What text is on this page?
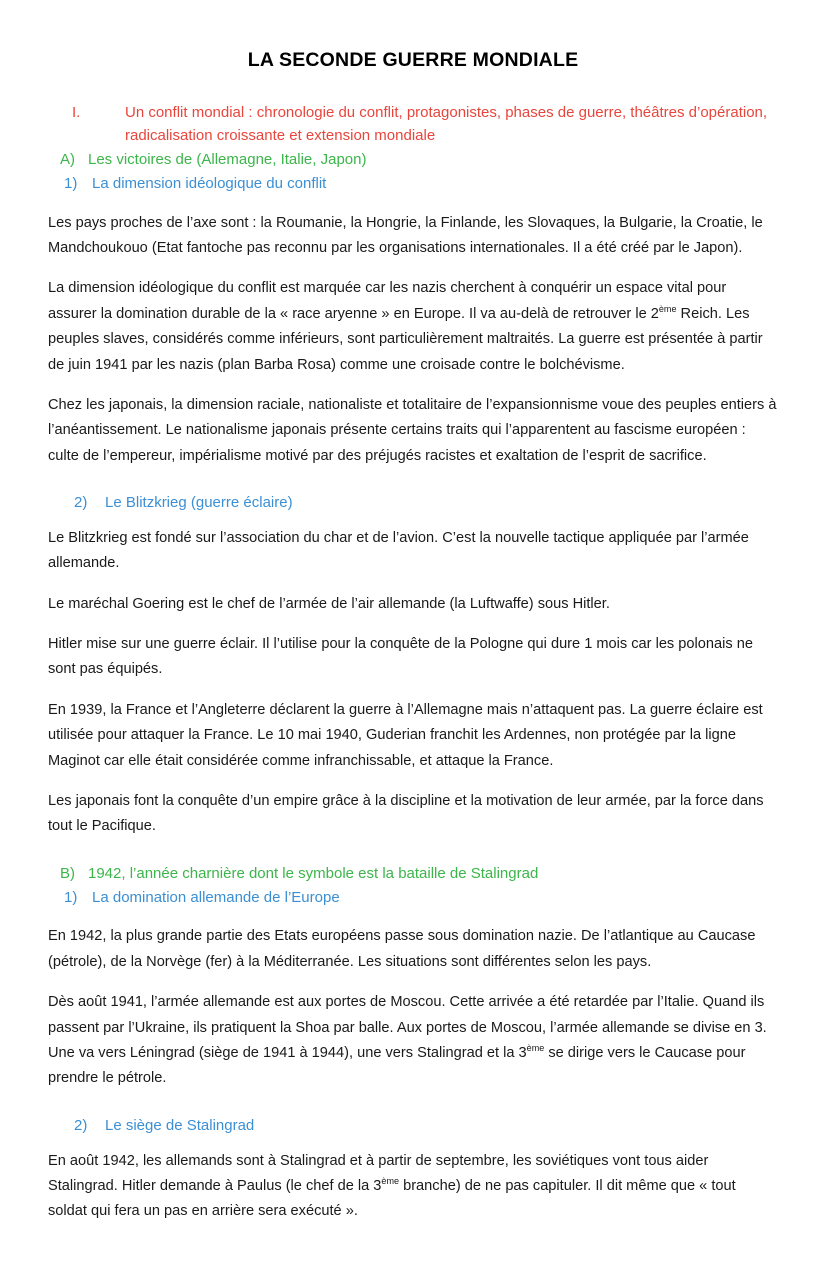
LA SECONDE GUERRE MONDIALE
I.	Un conflit mondial : chronologie du conflit, protagonistes, phases de guerre, théâtres d’opération, radicalisation croissante et extension mondiale
A) Les victoires de (Allemagne, Italie, Japon)
1) La dimension idéologique du conflit

Les pays proches de l’axe sont : la Roumanie, la Hongrie, la Finlande, les Slovaques, la Bulgarie, la Croatie, le Mandchoukouo (Etat fantoche pas reconnu par les organisations internationales. Il a été créé par le Japon).

La dimension idéologique du conflit est marquée car les nazis cherchent à conquérir un espace vital pour assurer la domination durable de la « race aryenne » en Europe. Il va au-delà de retrouver le 2ème Reich. Les peuples slaves, considérés comme inférieurs, sont particulièrement maltraités. La guerre est présentée à partir de juin 1941 par les nazis (plan Barba Rosa) comme une croisade contre le bolchévisme.

Chez les japonais, la dimension raciale, nationaliste et totalitaire de l’expansionnisme voue des peuples entiers à l’anéantissement. Le nationalisme japonais présente certains traits qui l’apparentent au fascisme européen : culte de l’empereur, impérialisme motivé par des préjugés racistes et exaltation de l’esprit de sacrifice.

2)	Le Blitzkrieg (guerre éclaire)

Le Blitzkrieg est fondé sur l’association du char et de l’avion. C’est la nouvelle tactique appliquée par l’armée allemande.

Le maréchal Goering est le chef de l’armée de l’air allemande (la Luftwaffe) sous Hitler.

Hitler mise sur une guerre éclair. Il l’utilise pour la conquête de la Pologne qui dure 1 mois car les polonais ne sont pas équipés.

En 1939, la France et l’Angleterre déclarent la guerre à l’Allemagne mais n’attaquent pas. La guerre éclaire est utilisée pour attaquer la France. Le 10 mai 1940, Guderian franchit les Ardennes, non protégée par la ligne Maginot car elle était considérée comme infranchissable, et attaque la France.

Les japonais font la conquête d’un empire grâce à la discipline et la motivation de leur armée, par la force dans tout le Pacifique.

B) 1942, l’année charnière dont le symbole est la bataille de Stalingrad
1) La domination allemande de l’Europe

En 1942, la plus grande partie des Etats européens passe sous domination nazie. De l’atlantique au Caucase (pétrole), de la Norvège (fer) à la Méditerranée. Les situations sont différentes selon les pays.

Dès août 1941, l’armée allemande est aux portes de Moscou. Cette arrivée a été retardée par l’Italie. Quand ils passent par l’Ukraine, ils pratiquent la Shoa par balle. Aux portes de Moscou, l’armée allemande se divise en 3. Une va vers Léningrad (siège de 1941 à 1944), une vers Stalingrad et la 3ème se dirige vers le Caucase pour prendre le pétrole.

2)	Le siège de Stalingrad

En août 1942, les allemands sont à Stalingrad et à partir de septembre, les soviétiques vont tous aider Stalingrad. Hitler demande à Paulus (le chef de la 3ème branche) de ne pas capituler. Il dit même que « tout soldat qui fera un pas en arrière sera exécuté ».
